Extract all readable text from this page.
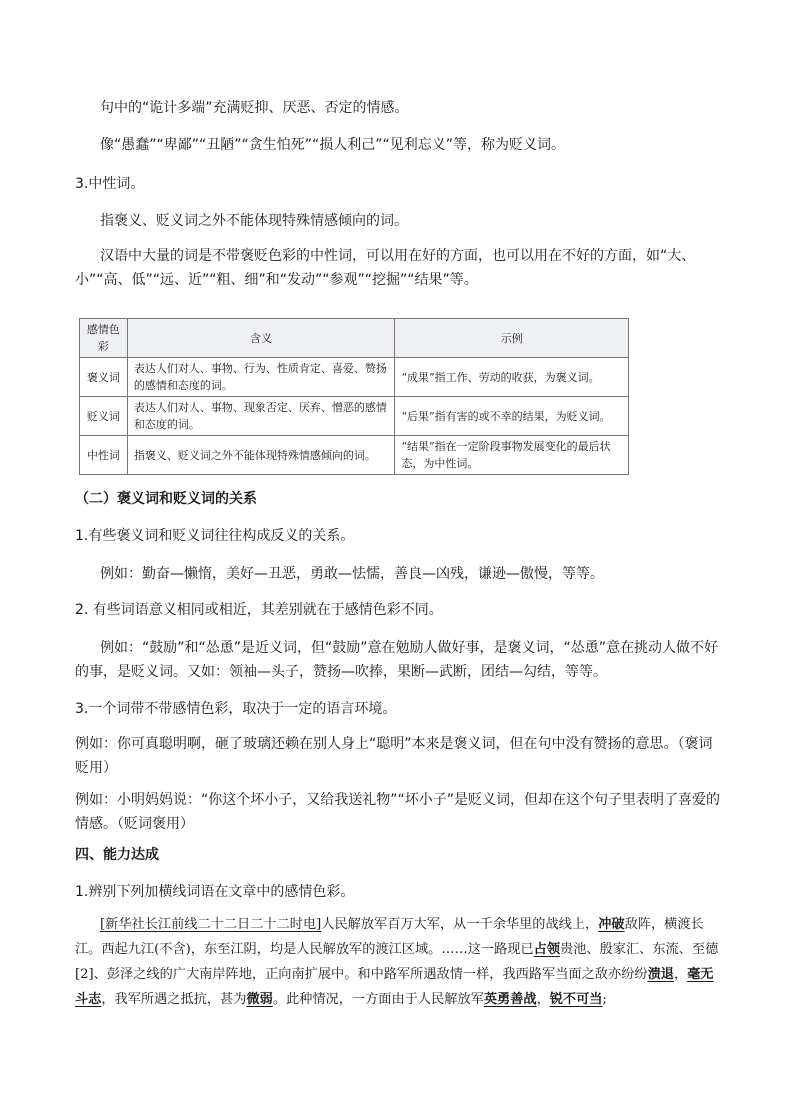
句中的“诡计多端”充满贬抑、厌恶、否定的情感。
像“愚蠢”“卑鄙”“丑陋”“贪生怕死”“损人利己”“见利忘义”等，称为贬义词。
3.中性词。
指褒义、贬义词之外不能体现特殊情感倾向的词。
汉语中大量的词是不带褒贬色彩的中性词，可以用在好的方面，也可以用在不好的方面，如“大、小”“高、低”“远、近”“粗、细”和“发动”“参观”“挖掘”“结果”等。
感情色彩	含义	示例
褒义词	表达人们对人、事物、行为、性质肯定、喜爱、赞扬的感情和态度的词。	“成果”指工作、劳动的收获，为褒义词。
贬义词	表达人们对人、事物、现象否定、厌弃、憎恶的感情和态度的词。	“后果”指有害的或不幸的结果，为贬义词。
中性词	指褒义、贬义词之外不能体现特殊情感倾向的词。	“结果”指在一定阶段事物发展变化的最后状态，为中性词。
（二）褒义词和贬义词的关系
1.有些褒义词和贬义词往往构成反义的关系。
例如：勤奋—懒惰，美好—丑恶，勇敢—怯懦，善良—凶残，谦逊—傲慢，等等。
2. 有些词语意义相同或相近，其差别就在于感情色彩不同。
例如：“鼓励”和“怂恿”是近义词，但“鼓励”意在勉励人做好事，是褒义词，“怂恿”意在挑动人做不好的事，是贬义词。又如：领袖—头子，赞扬—吹捧，果断—武断，团结—勾结，等等。
3.一个词带不带感情色彩，取决于一定的语言环境。
例如：你可真聪明啊，砸了玻璃还赖在别人身上“聪明”本来是褒义词，但在句中没有赞扬的意思。（褒词贬用）
例如：小明妈妈说：“你这个坏小子，又给我送礼物”“坏小子”是贬义词，但却在这个句子里表明了喜爱的情感。（贬词褒用）
四、能力达成
1.辨别下列加横线词语在文章中的感情色彩。
[新华社长江前线二十二日二十二时电]人民解放军百万大军，从一千余华里的战线上，冲破敌阵，横渡长江。西起九江(不含)，东至江阴，均是人民解放军的渡江区域。……这一路现已占领贵池、殷家汇、东流、至德[2]、彭泽之线的广大南岸阵地，正向南扩展中。和中路军所遇敌情一样，我西路军当面之敌亦纷纷溃退，毫无斗志，我军所遇之抵抗，甚为微弱。此种情况，一方面由于人民解放军英勇善战，锐不可当;
